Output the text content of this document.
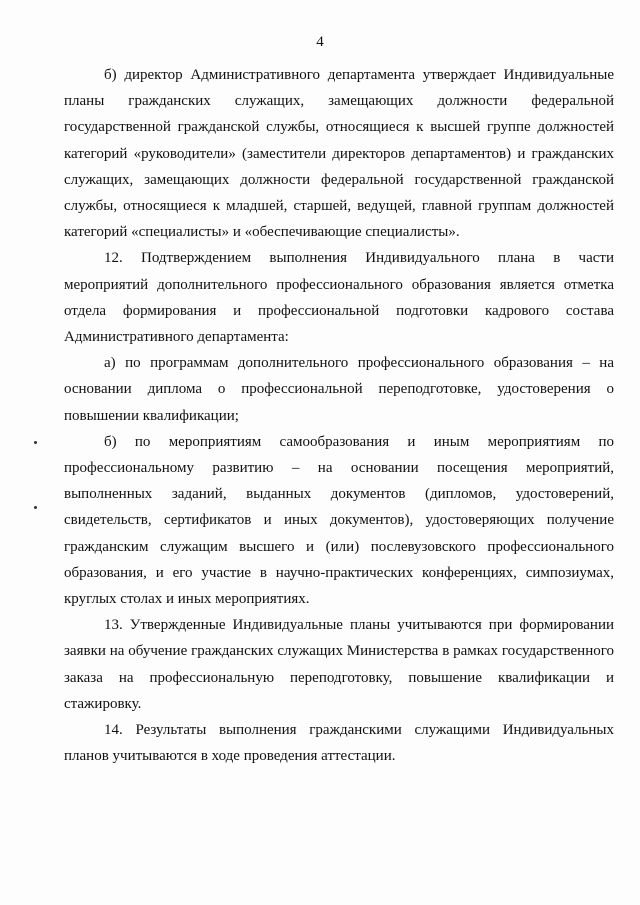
4

б) директор Административного департамента утверждает Индивидуальные планы гражданских служащих, замещающих должности федеральной государственной гражданской службы, относящиеся к высшей группе должностей категорий «руководители» (заместители директоров департаментов) и гражданских служащих, замещающих должности федеральной государственной гражданской службы, относящиеся к младшей, старшей, ведущей, главной группам должностей категорий «специалисты» и «обеспечивающие специалисты».

12. Подтверждением выполнения Индивидуального плана в части мероприятий дополнительного профессионального образования является отметка отдела формирования и профессиональной подготовки кадрового состава Административного департамента:

а) по программам дополнительного профессионального образования – на основании диплома о профессиональной переподготовке, удостоверения о повышении квалификации;

б) по мероприятиям самообразования и иным мероприятиям по профессиональному развитию – на основании посещения мероприятий, выполненных заданий, выданных документов (дипломов, удостоверений, свидетельств, сертификатов и иных документов), удостоверяющих получение гражданским служащим высшего и (или) послевузовского профессионального образования, и его участие в научно-практических конференциях, симпозиумах, круглых столах и иных мероприятиях.

13. Утвержденные Индивидуальные планы учитываются при формировании заявки на обучение гражданских служащих Министерства в рамках государственного заказа на профессиональную переподготовку, повышение квалификации и стажировку.

14. Результаты выполнения гражданскими служащими Индивидуальных планов учитываются в ходе проведения аттестации.
